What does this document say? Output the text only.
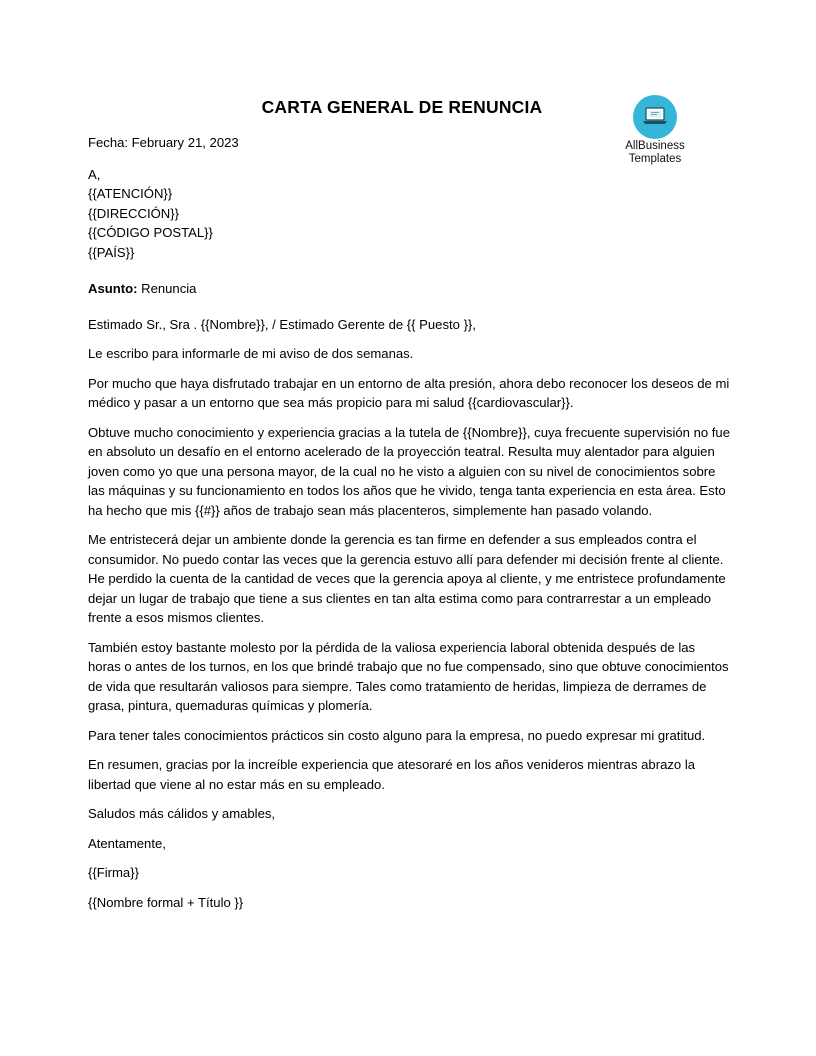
CARTA GENERAL DE RENUNCIA
AllBusiness
Templates

Fecha: February 21, 2023

A,

{{ATENCIÓN}}

{{DIRECCIÓN}}

{{CÓDIGO POSTAL}}

{{PAÍS}}

Asunto: Renuncia

Estimado Sr., Sra . {{Nombre}}, / Estimado Gerente de {{ Puesto }},

Le escribo para informarle de mi aviso de dos semanas.

Por mucho que haya disfrutado trabajar en un entorno de alta presión, ahora debo reconocer los deseos de mi médico y pasar a un entorno que sea más propicio para mi salud {{cardiovascular}}.

Obtuve mucho conocimiento y experiencia gracias a la tutela de {{Nombre}}, cuya frecuente supervisión no fue en absoluto un desafío en el entorno acelerado de la proyección teatral. Resulta muy alentador para alguien joven como yo que una persona mayor, de la cual no he visto a alguien con su nivel de conocimientos sobre las máquinas y su funcionamiento en todos los años que he vivido, tenga tanta experiencia en esta área. Esto ha hecho que mis {{#}} años de trabajo sean más placenteros, simplemente han pasado volando.

Me entristecerá dejar un ambiente donde la gerencia es tan firme en defender a sus empleados contra el consumidor. No puedo contar las veces que la gerencia estuvo allí para defender mi decisión frente al cliente. He perdido la cuenta de la cantidad de veces que la gerencia apoya al cliente, y me entristece profundamente dejar un lugar de trabajo que tiene a sus clientes en tan alta estima como para contrarrestar a un empleado frente a esos mismos clientes.

También estoy bastante molesto por la pérdida de la valiosa experiencia laboral obtenida después de las horas o antes de los turnos, en los que brindé trabajo que no fue compensado, sino que obtuve conocimientos de vida que resultarán valiosos para siempre. Tales como tratamiento de heridas, limpieza de derrames de grasa, pintura, quemaduras químicas y plomería.

Para tener tales conocimientos prácticos sin costo alguno para la empresa, no puedo expresar mi gratitud.

En resumen, gracias por la increíble experiencia que atesoraré en los años venideros mientras abrazo la libertad que viene al no estar más en su empleado.

Saludos más cálidos y amables,

Atentamente,

{{Firma}}

{{Nombre formal + Título }}
